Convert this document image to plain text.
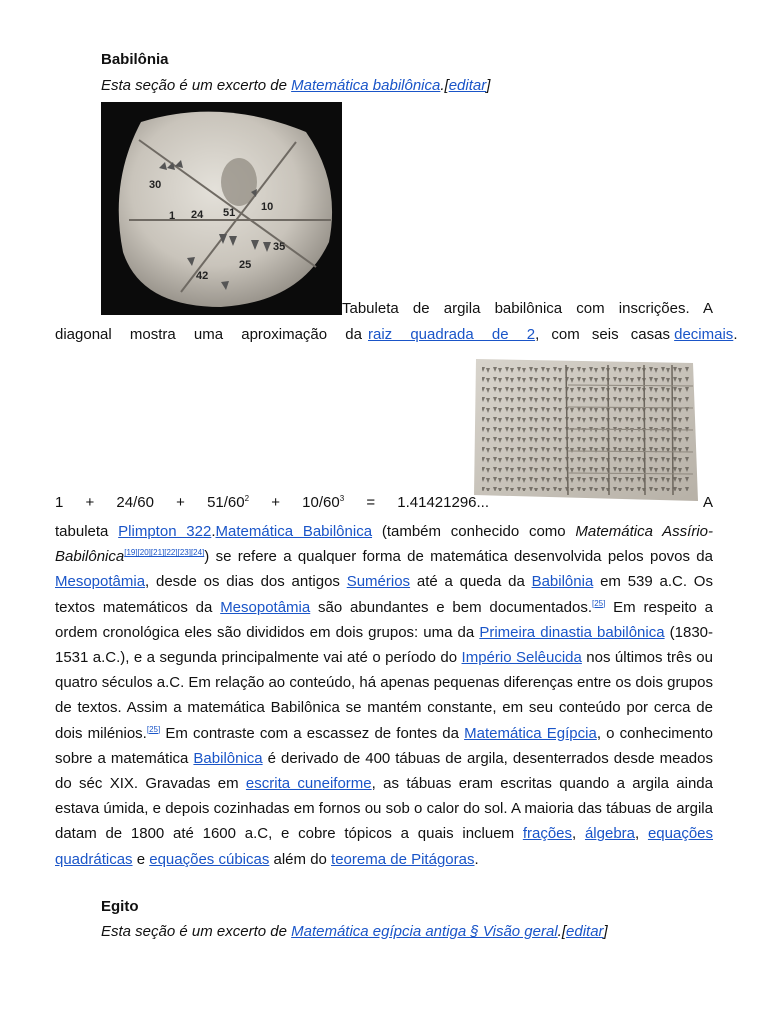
Babilônia
Esta seção é um excerto de Matemática babilônica.[editar]
30
1 24 51 10
35
25
42
Tabuleta de argila babilônica com inscrições. A
diagonal mostra uma aproximação da raiz quadrada de 2, com seis casas decimais.
$1 + 24/60 + 51/60^2 + 10/60^3 = 1.41421296$...	A
tabuleta Plimpton 322.Matemática Babilônica (também conhecido como Matemática Assírio-Babilônica[19][20][21][22][23][24]) se refere a qualquer forma de matemática desenvolvida pelos povos da Mesopotâmia, desde os dias dos antigos Sumérios até a queda da Babilônia em 539 a.C. Os textos matemáticos da Mesopotâmia são abundantes e bem documentados.[25] Em respeito a ordem cronológica eles são divididos em dois grupos: uma da Primeira dinastia babilônica (1830-1531 a.C.), e a segunda principalmente vai até o período do Império Selêucida nos últimos três ou quatro séculos a.C. Em relação ao conteúdo, há apenas pequenas diferenças entre os dois grupos de textos. Assim a matemática Babilônica se mantém constante, em seu conteúdo por cerca de dois milénios.[25] Em contraste com a escassez de fontes da Matemática Egípcia, o conhecimento sobre a matemática Babilônica é derivado de 400 tábuas de argila, desenterrados desde meados do séc XIX. Gravadas em escrita cuneiforme, as tábuas eram escritas quando a argila ainda estava úmida, e depois cozinhadas em fornos ou sob o calor do sol. A maioria das tábuas de argila datam de 1800 até 1600 a.C, e cobre tópicos a quais incluem frações, álgebra, equações quadráticas e equações cúbicas além do teorema de Pitágoras.
Egito
Esta seção é um excerto de Matemática egípcia antiga § Visão geral.[editar]
